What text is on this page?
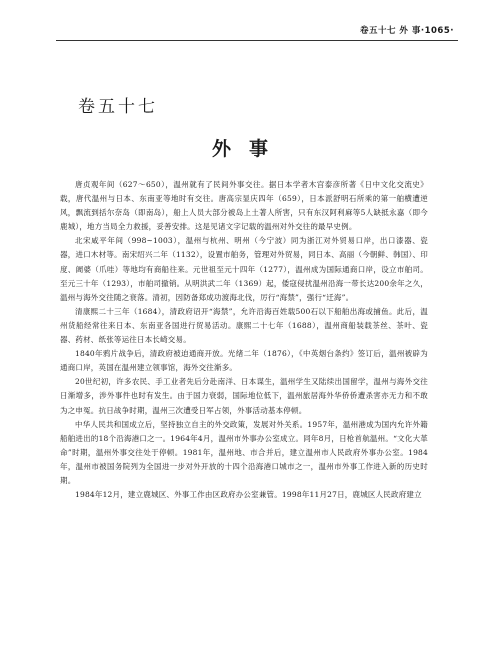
卷五十七 外 事·1065·
卷五十七
外事

唐贞观年间（627～650），温州就有了民间外事交往。据日本学者木宫泰彦所著《日中文化交流史》载，唐代温州与日本、东南亚等地时有交往。唐高宗显庆四年（659），日本派舒明石所乘的第一舶横遭逆风，飘流到括尔奈岛（即南岛），船上人员大部分被岛上土著人所害，只有东汉阿利麻等5人缺抵永嘉（即今鹿城），地方当局全力救援，妥善安排。这是见诸文字记载的温州对外交往的最早史例。

北宋咸平年间（998~1003），温州与杭州、明州（今宁波）同为浙江对外贸易口岸，出口漆器、瓷器，进口木材等。南宋绍兴二年（1132），设置市舶务，管理对外贸易，同日本、高丽（今朝鲜、韩国）、印度、阇婆（爪哇）等地均有商船往来。元世祖至元十四年（1277），温州成为国际通商口岸，设立市舶司。至元三十年（1293），市舶司撤销。从明洪武二年（1369）起，倭寇侵扰温州沿海一带长达200余年之久，温州与海外交往随之衰落。清初，因防备郑成功渡海北伐，厉行“海禁”，强行“迁海”。

清康熙二十三年（1684），清政府诏开“海禁”，允许沿海百姓载500石以下船舶出海或捕鱼。此后，温州货船经常往来日本、东南亚各国进行贸易活动。康熙二十七年（1688），温州商船装载茶丝、茶叶、瓷器、药材、纸张等运往日本长崎交易。

1840年鸦片战争后，清政府被迫通商开放。光绪二年（1876），《中英烟台条约》签订后，温州被辟为通商口岸，英国在温州建立领事馆，海外交往渐多。

20世纪初，许多农民、手工业者先后分赴南洋、日本谋生，温州学生又陆续出国留学，温州与海外交往日渐增多，涉外事件也时有发生。由于国力衰弱，国际地位低下，温州旅居海外华侨侨遭杀害亦无力和不敢为之申冤。抗日战争时期，温州三次遭受日军占领，外事活动基本停顿。

中华人民共和国成立后，坚持独立自主的外交政策，发展对外关系。1957年，温州港成为国内允许外籍船舶进出的18个沿海港口之一。1964年4月，温州市外事办公室成立。同年8月，日枪首航温州。“文化大革命”时期，温州外事交往处于停顿。1981年，温州地、市合并后，建立温州市人民政府外事办公室。1984年，温州市被国务院列为全国进一步对外开放的十四个沿海港口城市之一，温州市外事工作进入新的历史时期。

1984年12月，建立鹿城区、外事工作由区政府办公室兼管。1998年11月27日，鹿城区人民政府建立
